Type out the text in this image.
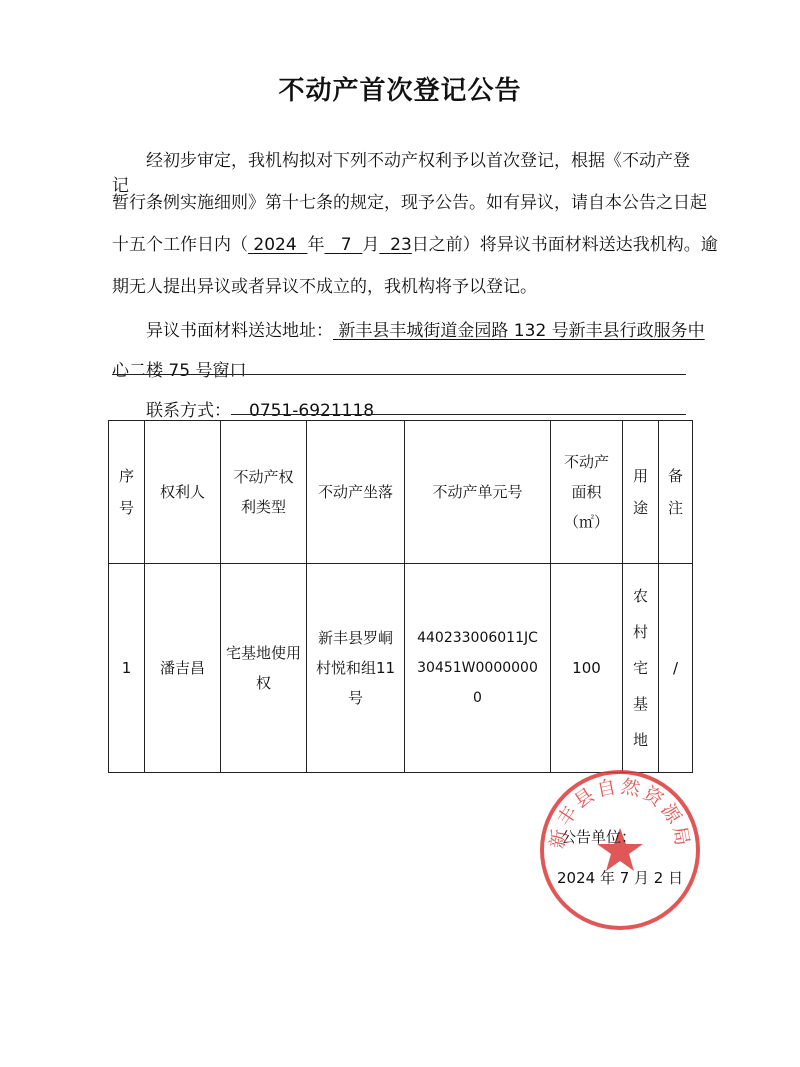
不动产首次登记公告
经初步审定，我机构拟对下列不动产权利予以首次登记，根据《不动产登记
暂行条例实施细则》第十七条的规定，现予公告。如有异议，请自本公告之日起
十五个工作日内（ 2024 年 7 月 23日之前）将异议书面材料送达我机构。逾
期无人提出异议或者异议不成立的，我机构将予以登记。
异议书面材料送达地址： 新丰县丰城街道金园路 132 号新丰县行政服务中
心二楼 75 号窗口
联系方式： 0751-6921118
序号	权利人	不动产权利类型	不动产坐落	不动产单元号	不动产面积（㎡）	用途	备注
1	潘吉昌	宅基地使用权	新丰县罗峒村悦和组11号	440233006011JC30451W00000000	100	农村宅基地	/
新丰县自然资源局
公告单位：
2024 年 7 月 2 日
